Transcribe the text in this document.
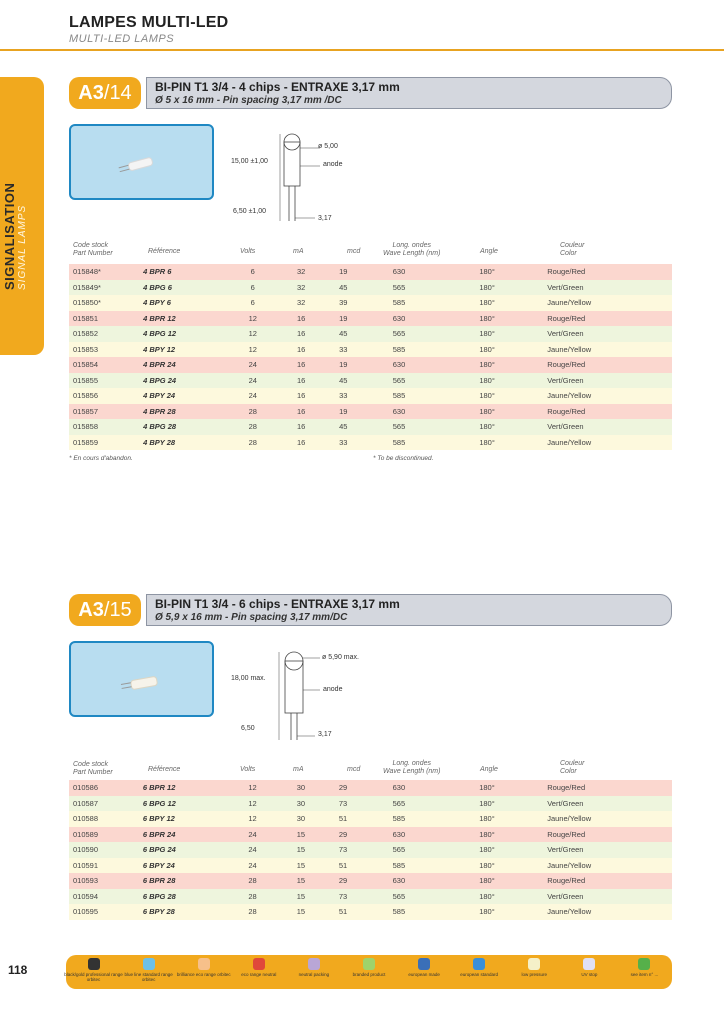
LAMPES MULTI-LED
MULTI-LED LAMPS
SIGNALISATION SIGNAL LAMPS
A3 / 14 BI-PIN T1 3/4 - 4 chips - ENTRAXE 3,17 mm
Ø 5 x 16 mm - Pin spacing 3,17 mm /DC
ø 5,00
15,00 ±1,00	anode
6,50 ±1,00
3,17
Code stock
Part Number	Référence	Volts	mA	mcd
Long. ondes
Wave Length (nm)	Angle
Couleur
Color
015848*	4 BPR 6	6	32	19	630	180°	Rouge/Red
015849*	4 BPG 6	6	32	45	565	180°	Vert/Green
015850*	4 BPY 6	6	32	39	585	180°	Jaune/Yellow
015851	4 BPR 12	12	16	19	630	180°	Rouge/Red
015852	4 BPG 12	12	16	45	565	180°	Vert/Green
015853	4 BPY 12	12	16	33	585	180°	Jaune/Yellow
015854	4 BPR 24	24	16	19	630	180°	Rouge/Red
015855	4 BPG 24	24	16	45	565	180°	Vert/Green
015856	4 BPY 24	24	16	33	585	180°	Jaune/Yellow
015857	4 BPR 28	28	16	19	630	180°	Rouge/Red
015858	4 BPG 28	28	16	45	565	180°	Vert/Green
015859	4 BPY 28	28	16	33	585	180°	Jaune/Yellow
* En cours d'abandon.	* To be discontinued.
A3 / 15 BI-PIN T1 3/4 - 6 chips - ENTRAXE 3,17 mm
Ø 5,9 x 16 mm - Pin spacing 3,17 mm/DC
ø 5,90 max.
18,00 max.
anode
6,50
3,17
Code stock
Part Number	Référence	Volts	mA	mcd
Long. ondes
Wave Length (nm)	Angle
Couleur
Color
010586	6 BPR 12	12	30	29	630	180°	Rouge/Red
010587	6 BPG 12	12	30	73	565	180°	Vert/Green
010588	6 BPY 12	12	30	51	585	180°	Jaune/Yellow
010589	6 BPR 24	24	15	29	630	180°	Rouge/Red
010590	6 BPG 24	24	15	73	565	180°	Vert/Green
010591	6 BPY 24	24	15	51	585	180°	Jaune/Yellow
010593	6 BPR 28	28	15	29	630	180°	Rouge/Red
010594	6 BPG 28	28	15	73	565	180°	Vert/Green
010595	6 BPY 28	28	15	51	585	180°	Jaune/Yellow
118	black/gold professional range orbitec
blue line standard range orbitec
brilliance eco range orbitec eco range neutral	neutral packing	branded product	european made	european standard	low pressure	UV stop	see item n° ...
